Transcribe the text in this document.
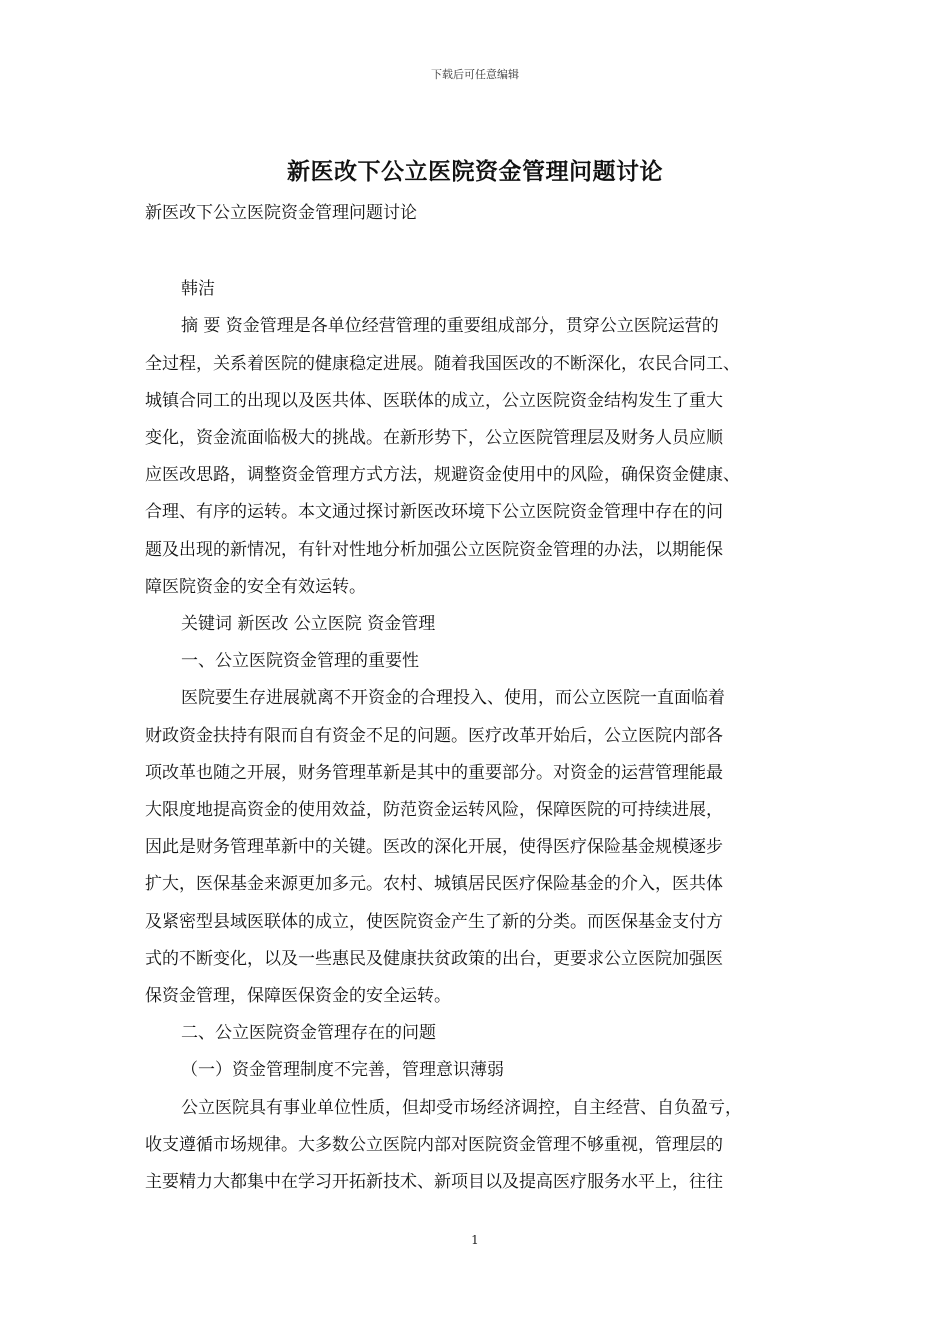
下载后可任意编辑
新医改下公立医院资金管理问题讨论

新医改下公立医院资金管理问题讨论

韩洁

摘 要 资金管理是各单位经营管理的重要组成部分，贯穿公立医院运营的
全过程，关系着医院的健康稳定进展。随着我国医改的不断深化，农民合同工、
城镇合同工的出现以及医共体、医联体的成立，公立医院资金结构发生了重大
变化，资金流面临极大的挑战。在新形势下，公立医院管理层及财务人员应顺
应医改思路，调整资金管理方式方法，规避资金使用中的风险，确保资金健康、
合理、有序的运转。本文通过探讨新医改环境下公立医院资金管理中存在的问
题及出现的新情况，有针对性地分析加强公立医院资金管理的办法，以期能保
障医院资金的安全有效运转。

关键词 新医改 公立医院 资金管理

一、公立医院资金管理的重要性

医院要生存进展就离不开资金的合理投入、使用，而公立医院一直面临着
财政资金扶持有限而自有资金不足的问题。医疗改革开始后，公立医院内部各
项改革也随之开展，财务管理革新是其中的重要部分。对资金的运营管理能最
大限度地提高资金的使用效益，防范资金运转风险，保障医院的可持续进展，
因此是财务管理革新中的关键。医改的深化开展，使得医疗保险基金规模逐步
扩大，医保基金来源更加多元。农村、城镇居民医疗保险基金的介入，医共体
及紧密型县域医联体的成立，使医院资金产生了新的分类。而医保基金支付方
式的不断变化，以及一些惠民及健康扶贫政策的出台，更要求公立医院加强医
保资金管理，保障医保资金的安全运转。

二、公立医院资金管理存在的问题

（一）资金管理制度不完善，管理意识薄弱

公立医院具有事业单位性质，但却受市场经济调控，自主经营、自负盈亏，
收支遵循市场规律。大多数公立医院内部对医院资金管理不够重视，管理层的
主要精力大都集中在学习开拓新技术、新项目以及提高医疗服务水平上，往往

1
